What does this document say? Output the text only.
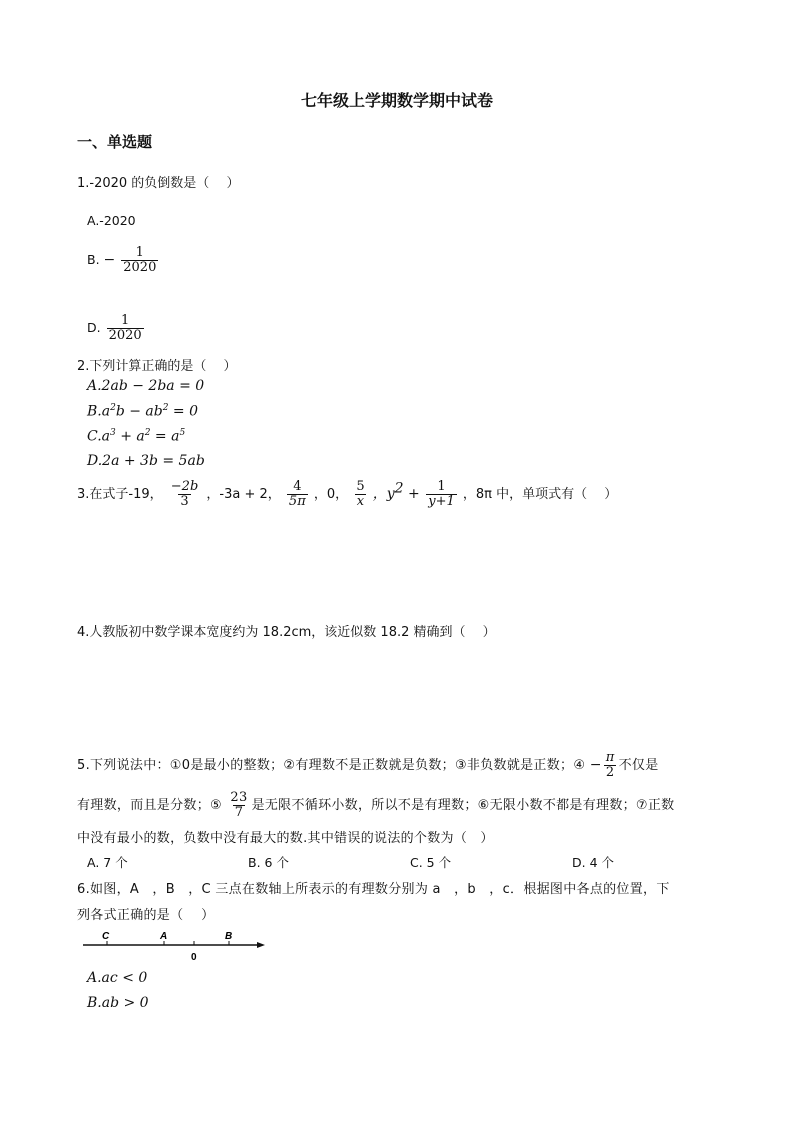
七年级上学期数学期中试卷
一、单选题
1.-2020 的负倒数是（　 ）
A.-2020
B. − $\frac{1}{2020}$
D. $\frac{1}{2020}$
2.下列计算正确的是（　 ）
A.2ab − 2ba = 0
$B.a^2b - ab^2 = 0$
$C.a^3 + a^2 = a^5$
D.2a + 3b = 5ab
3.在式子-19， $\frac{-2b}{3}$ ，-3a + 2， $\frac{4}{5\pi}$ ，0， $\frac{5}{x}$ ，$y^2 + \frac{1}{y+1}$ ，8π 中，单项式有（　 ）
4.人教版初中数学课本宽度约为 18.2cm，该近似数 18.2 精确到（　 ）
5.下列说法中：①0是最小的整数；②有理数不是正数就是负数；③非负数就是正数；④ − $\frac{\pi}{2}$ 不仅是
有理数，而且是分数；⑤ $\frac{23}{7}$ 是无限不循环小数，所以不是有理数；⑥无限小数不都是有理数；⑦正数
中没有最小的数，负数中没有最大的数.其中错误的说法的个数为（　）
A. 7 个	B. 6 个	C. 5 个	D. 4 个
6.如图，A　，B　，C 三点在数轴上所表示的有理数分别为 a　，b　，c．根据图中各点的位置，下
列各式正确的是（　 ）
C	A
0
B
A.ac < 0
B.ab > 0
